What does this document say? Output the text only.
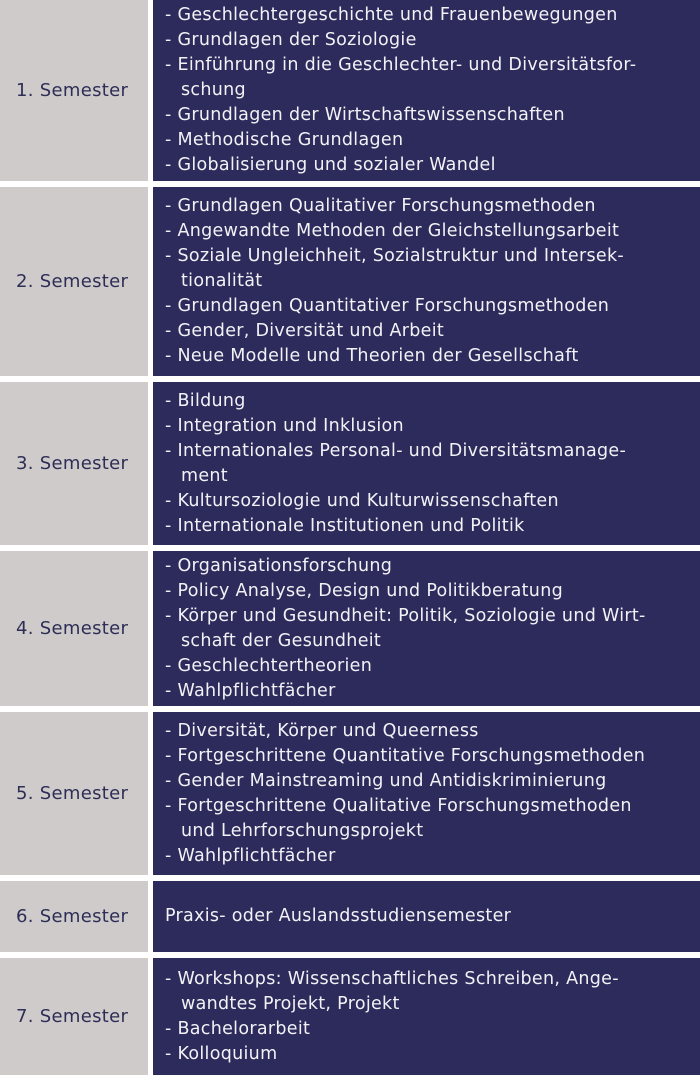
1. Semester

- Geschlechtergeschichte und Frauenbewegungen

- Grundlagen der Soziologie

- Einführung in die Geschlechter- und Diversitätsfor-

schung

- Grundlagen der Wirtschaftswissenschaften

- Methodische Grundlagen

- Globalisierung und sozialer Wandel

2. Semester

- Grundlagen Qualitativer Forschungsmethoden

- Angewandte Methoden der Gleichstellungsarbeit

- Soziale Ungleichheit, Sozialstruktur und Intersek-

tionalität

- Grundlagen Quantitativer Forschungsmethoden

- Gender, Diversität und Arbeit

- Neue Modelle und Theorien der Gesellschaft

3. Semester

- Bildung

- Integration und Inklusion

- Internationales Personal- und Diversitätsmanage-

ment

- Kultursoziologie und Kulturwissenschaften

- Internationale Institutionen und Politik

4. Semester

- Organisationsforschung

- Policy Analyse, Design und Politikberatung

- Körper und Gesundheit: Politik, Soziologie und Wirt-

schaft der Gesundheit

- Geschlechtertheorien

- Wahlpflichtfächer

5. Semester

- Diversität, Körper und Queerness

- Fortgeschrittene Quantitative Forschungsmethoden

- Gender Mainstreaming und Antidiskriminierung

- Fortgeschrittene Qualitative Forschungsmethoden

und Lehrforschungsprojekt

- Wahlpflichtfächer

6. Semester	Praxis- oder Auslandsstudiensemester

7. Semester

- Workshops: Wissenschaftliches Schreiben, Ange-

wandtes Projekt, Projekt

- Bachelorarbeit

- Kolloquium
